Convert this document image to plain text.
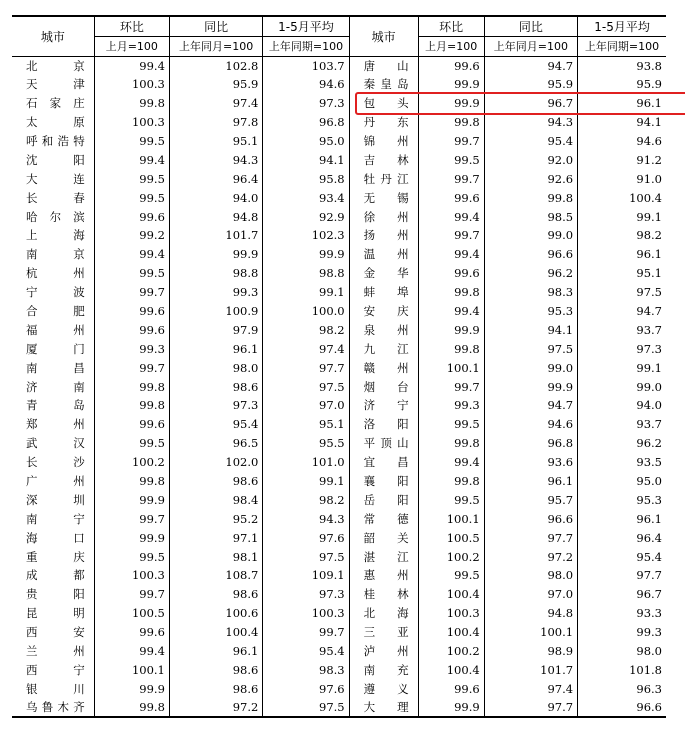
城市	环比	同比	1-5月平均	城市	环比	同比	1-5月平均
	上月=100	上年同月=100	上年同期=100		上月=100	上年同月=100	上年同期=100
北　京	99.4	102.8	103.7	唐　山	99.6	94.7	93.8
天　津	100.3	95.9	94.6	秦皇岛	99.9	95.9	95.9
石家庄	99.8	97.4	97.3	包　头	99.9	96.7	96.1
太　原	100.3	97.8	96.8	丹　东	99.8	94.3	94.1
呼和浩特	99.5	95.1	95.0	锦　州	99.7	95.4	94.6
沈　阳	99.4	94.3	94.1	吉　林	99.5	92.0	91.2
大　连	99.5	96.4	95.8	牡丹江	99.7	92.6	91.0
长　春	99.5	94.0	93.4	无　锡	99.6	99.8	100.4
哈尔滨	99.6	94.8	92.9	徐　州	99.4	98.5	99.1
上　海	99.2	101.7	102.3	扬　州	99.7	99.0	98.2
南　京	99.4	99.9	99.9	温　州	99.4	96.6	96.1
杭　州	99.5	98.8	98.8	金　华	99.6	96.2	95.1
宁　波	99.7	99.3	99.1	蚌　埠	99.8	98.3	97.5
合　肥	99.6	100.9	100.0	安　庆	99.4	95.3	94.7
福　州	99.6	97.9	98.2	泉　州	99.9	94.1	93.7
厦　门	99.3	96.1	97.4	九　江	99.8	97.5	97.3
南　昌	99.7	98.0	97.7	赣　州	100.1	99.0	99.1
济　南	99.8	98.6	97.5	烟　台	99.7	99.9	99.0
青　岛	99.8	97.3	97.0	济　宁	99.3	94.7	94.0
郑　州	99.6	95.4	95.1	洛　阳	99.5	94.6	93.7
武　汉	99.5	96.5	95.5	平顶山	99.8	96.8	96.2
长　沙	100.2	102.0	101.0	宜　昌	99.4	93.6	93.5
广　州	99.8	98.6	99.1	襄　阳	99.8	96.1	95.0
深　圳	99.9	98.4	98.2	岳　阳	99.5	95.7	95.3
南　宁	99.7	95.2	94.3	常　德	100.1	96.6	96.1
海　口	99.9	97.1	97.6	韶　关	100.5	97.7	96.4
重　庆	99.5	98.1	97.5	湛　江	100.2	97.2	95.4
成　都	100.3	108.7	109.1	惠　州	99.5	98.0	97.7
贵　阳	99.7	98.6	97.3	桂　林	100.4	97.0	96.7
昆　明	100.5	100.6	100.3	北　海	100.3	94.8	93.3
西　安	99.6	100.4	99.7	三　亚	100.4	100.1	99.3
兰　州	99.4	96.1	95.4	泸　州	100.2	98.9	98.0
西　宁	100.1	98.6	98.3	南　充	100.4	101.7	101.8
银　川	99.9	98.6	97.6	遵　义	99.6	97.4	96.3
乌鲁木齐	99.8	97.2	97.5	大　理	99.9	97.7	96.6
